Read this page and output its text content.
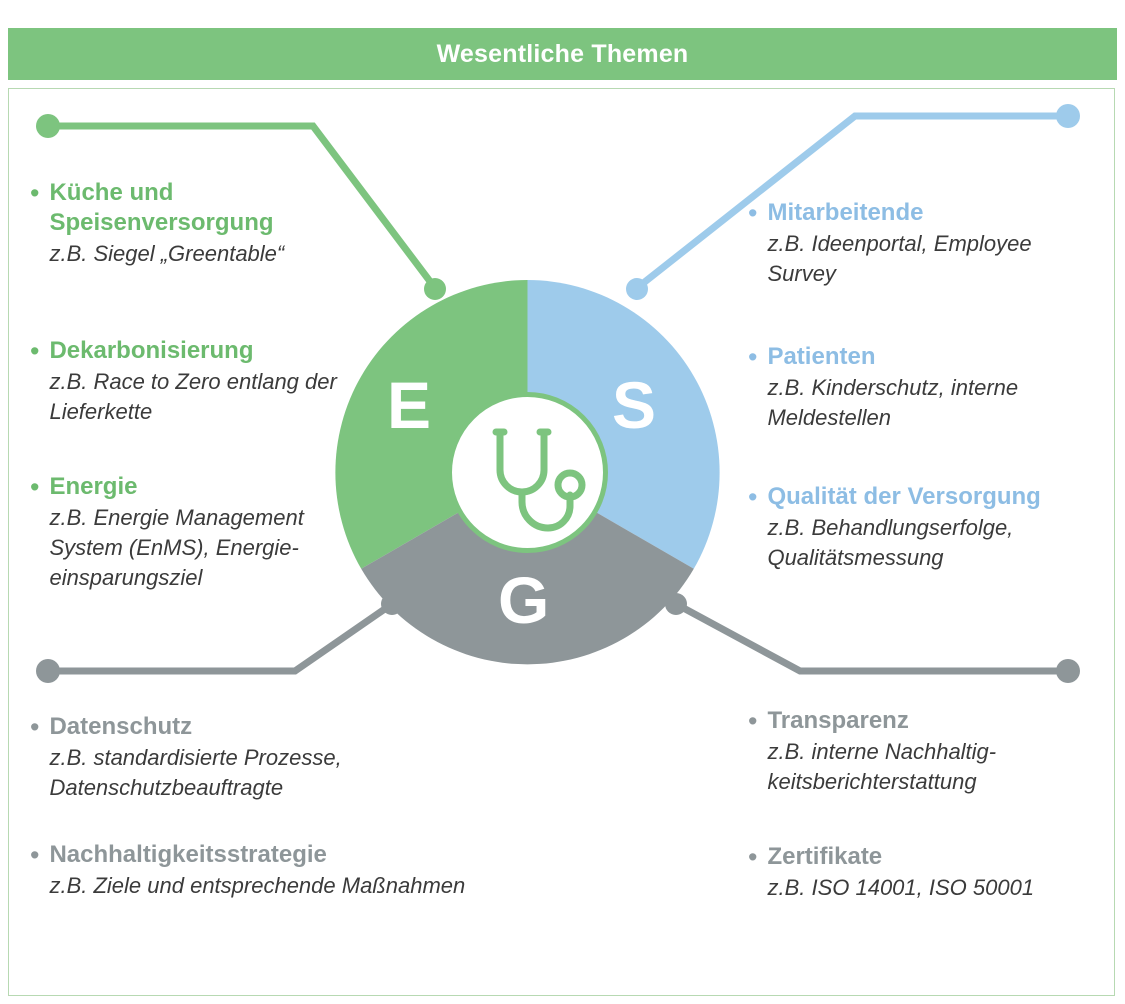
Wesentliche Themen
E	S
G
• Küche und Speisenversorgung
z.B. Siegel „Greentable“
• Dekarbonisierung
z.B. Race to Zero entlang der Lieferkette
• Energie
z.B. Energie Management System (EnMS), Energie-einsparungsziel
• Mitarbeitende
z.B. Ideenportal, Employee Survey
• Patienten
z.B. Kinderschutz, interne Meldestellen
• Qualität der Versorgung
z.B. Behandlungserfolge, Qualitätsmessung
• Datenschutz
z.B. standardisierte Prozesse, Datenschutzbeauftragte
• Nachhaltigkeitsstrategie
z.B. Ziele und entsprechende Maßnahmen
• Transparenz
z.B. interne Nachhaltig-keitsberichterstattung
• Zertifikate
z.B. ISO 14001, ISO 50001
